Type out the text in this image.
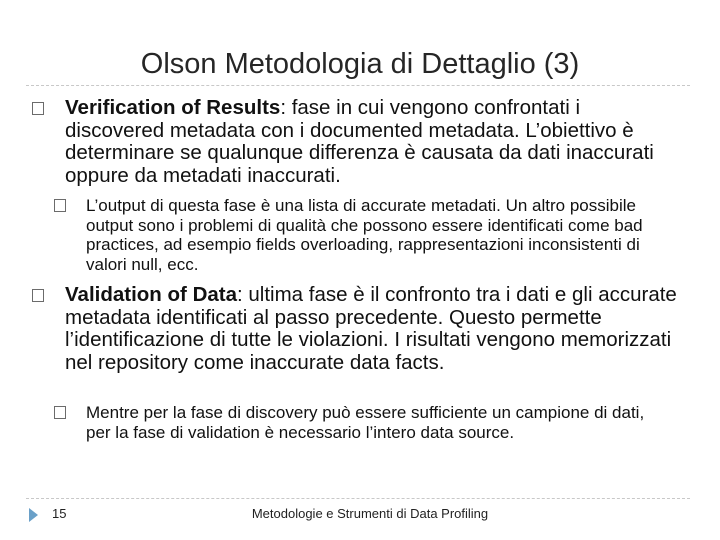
Olson Metodologia di Dettaglio (3)
Verification of Results: fase in cui vengono confrontati i discovered metadata con i documented metadata. L’obiettivo è determinare se qualunque differenza è causata da dati inaccurati oppure da metadati inaccurati.
L’output di questa fase è una lista di accurate metadati. Un altro possibile output sono i problemi di qualità che possono essere identificati come bad practices, ad esempio fields overloading, rappresentazioni inconsistenti di valori null, ecc.
Validation of Data: ultima fase è il confronto tra i dati e gli accurate metadata identificati al passo precedente. Questo permette l’identificazione di tutte le violazioni. I risultati vengono memorizzati nel repository come inaccurate data facts.
Mentre per la fase di discovery può essere sufficiente un campione di dati, per la fase di validation è necessario l’intero data source.
15	Metodologie e Strumenti di Data Profiling
